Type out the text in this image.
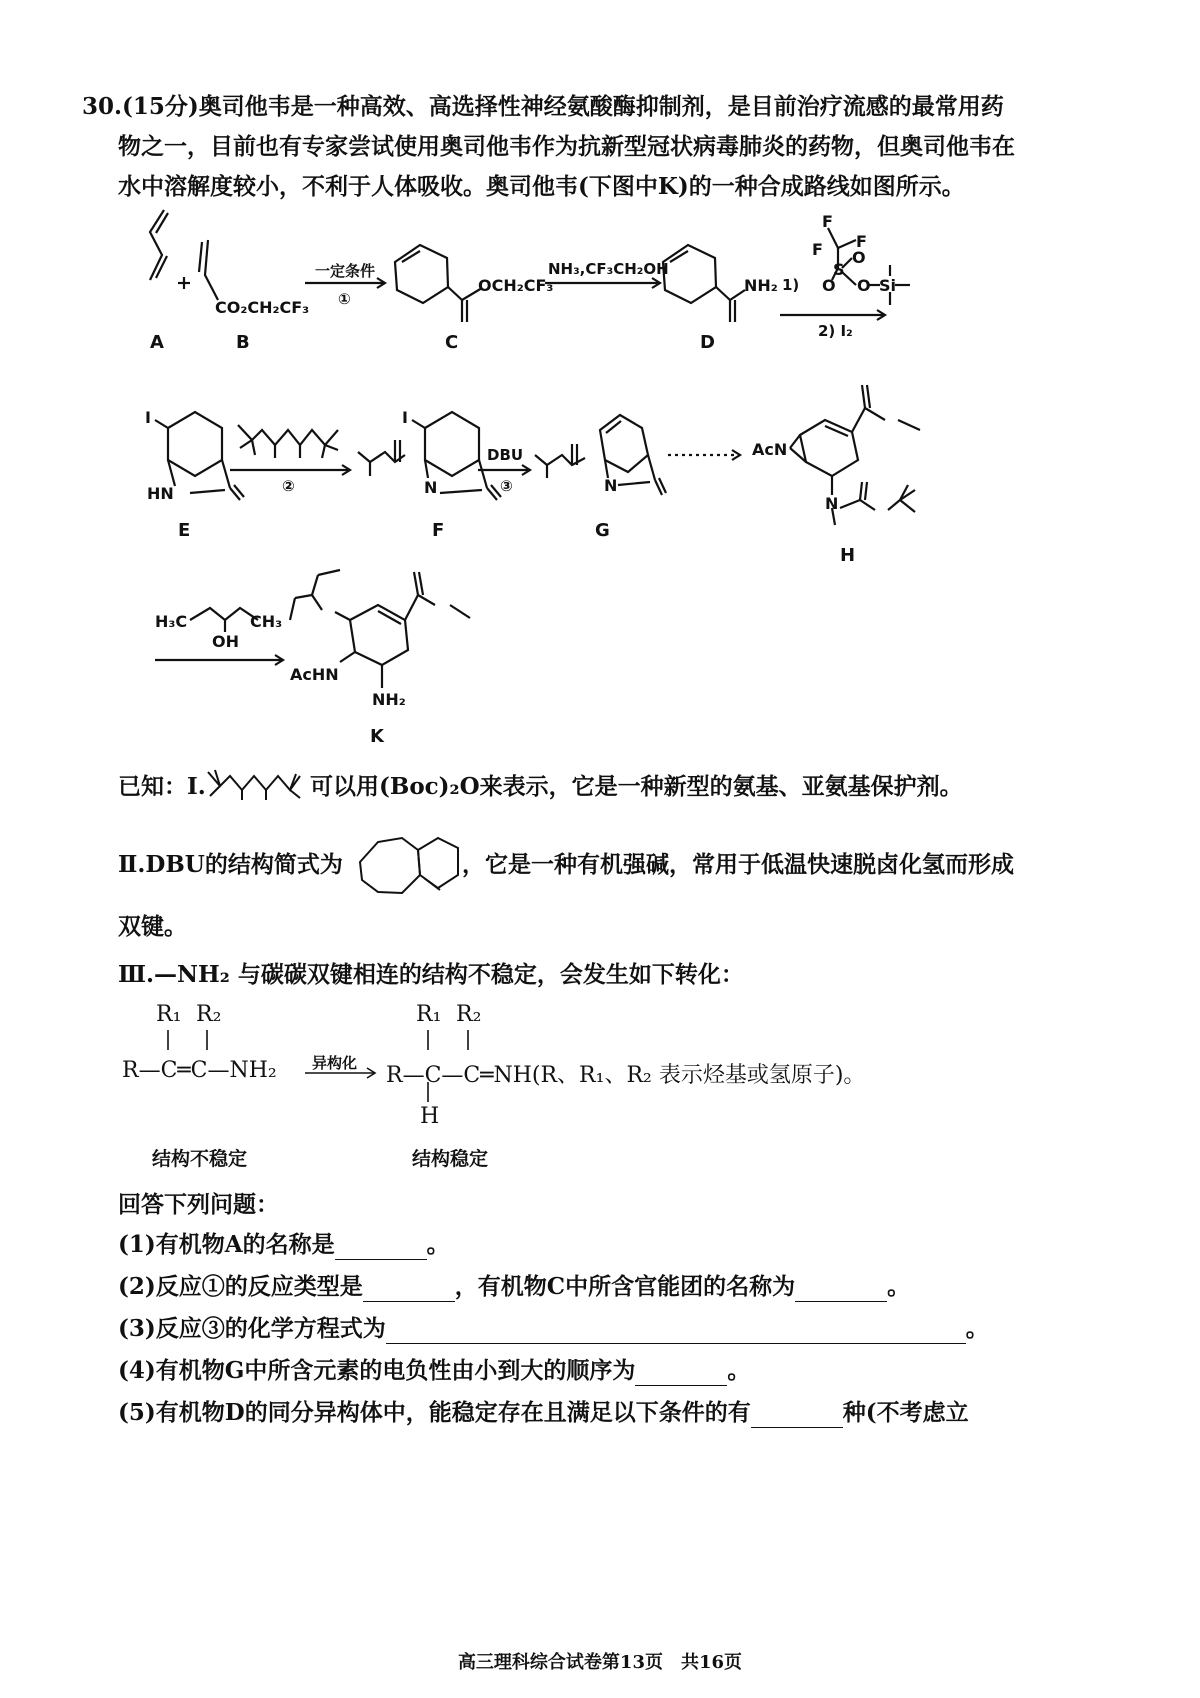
30.(15分)奥司他韦是一种高效、高选择性神经氨酸酶抑制剂，是目前治疗流感的最常用药
物之一，目前也有专家尝试使用奥司他韦作为抗新型冠状病毒肺炎的药物，但奥司他韦在
水中溶解度较小，不利于人体吸收。奥司他韦(下图中K)的一种合成路线如图所示。
A	B	C	D
CO₂CH₂CF₃
OCH₂CF₃	NH₂
一定条件
①
NH₃,CF₃CH₂OH
1)
2) I₂
F
F F
O
O
S
O Si
I
HN
E
②
I
N
F
DBU
③	N
G
AcN
N
H
H₃C	CH₃
OH
AcHN
NH₂
K
已知：Ⅰ.	可以用(Boc)₂O来表示，它是一种新型的氨基、亚氨基保护剂。
Ⅱ.DBU的结构简式为	，它是一种有机强碱，常用于低温快速脱卤化氢而形成
双键。
Ⅲ.—NH₂ 与碳碳双键相连的结构不稳定，会发生如下转化：
R₁ R₂
R—C═C—NH₂ 异构化
R₁ R₂
R—C—C═NH(R、R₁、R₂ 表示烃基或氢原子)。
H
结构不稳定	结构稳定
回答下列问题：
(1)有机物A的名称是	。
(2)反应①的反应类型是	，有机物C中所含官能团的名称为	。
(3)反应③的化学方程式为	。
(4)有机物G中所含元素的电负性由小到大的顺序为	。
(5)有机物D的同分异构体中，能稳定存在且满足以下条件的有	种(不考虑立
高三理科综合试卷第13页　共16页
